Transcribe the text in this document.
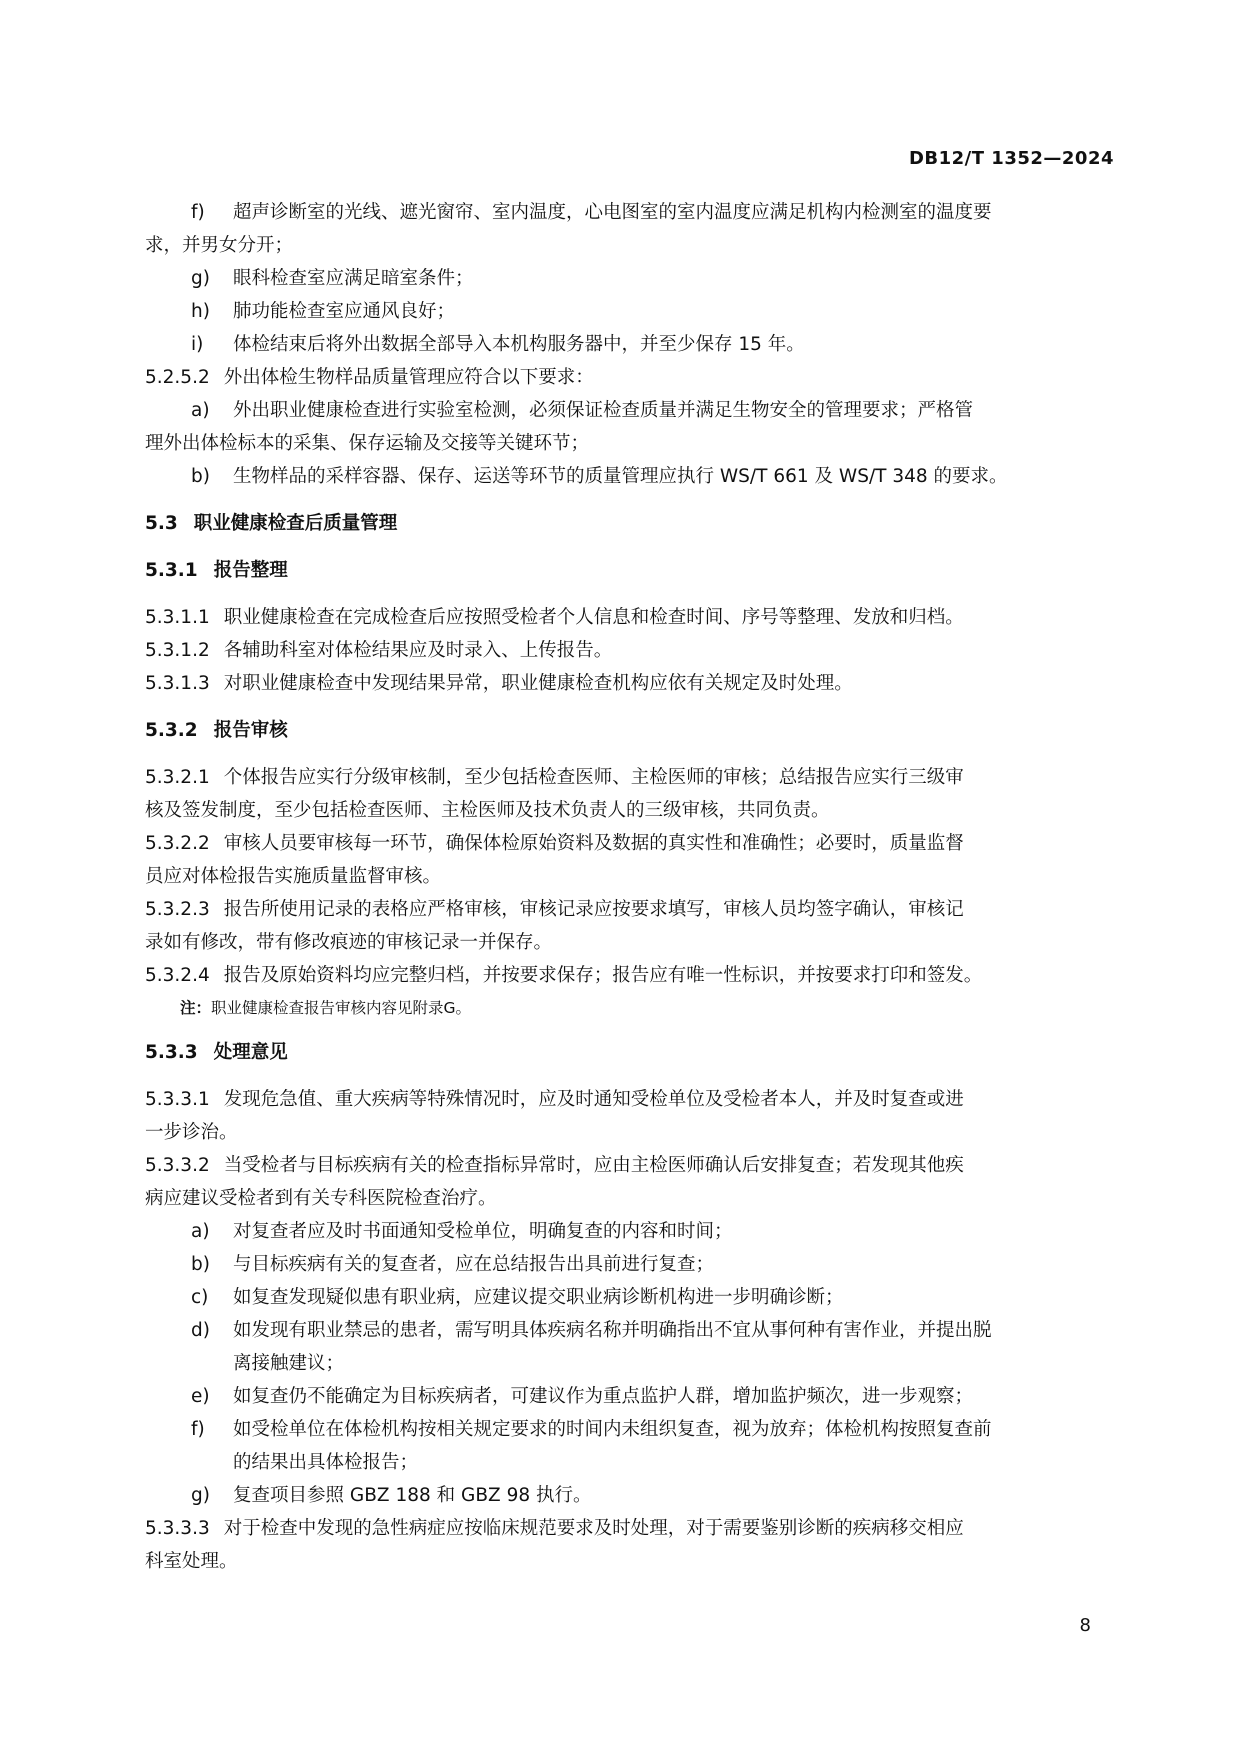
DB12/T 1352—2024
f) 超声诊断室的光线、遮光窗帘、室内温度，心电图室的室内温度应满足机构内检测室的温度要
求，并男女分开；
g) 眼科检查室应满足暗室条件；
h) 肺功能检查室应通风良好；
i) 体检结束后将外出数据全部导入本机构服务器中，并至少保存 15 年。
5.2.5.2 外出体检生物样品质量管理应符合以下要求：
a) 外出职业健康检查进行实验室检测，必须保证检查质量并满足生物安全的管理要求；严格管
理外出体检标本的采集、保存运输及交接等关键环节；
b) 生物样品的采样容器、保存、运送等环节的质量管理应执行 WS/T 661 及 WS/T 348 的要求。
5.3 职业健康检查后质量管理
5.3.1 报告整理
5.3.1.1 职业健康检查在完成检查后应按照受检者个人信息和检查时间、序号等整理、发放和归档。
5.3.1.2 各辅助科室对体检结果应及时录入、上传报告。
5.3.1.3 对职业健康检查中发现结果异常，职业健康检查机构应依有关规定及时处理。
5.3.2 报告审核
5.3.2.1 个体报告应实行分级审核制，至少包括检查医师、主检医师的审核；总结报告应实行三级审
核及签发制度，至少包括检查医师、主检医师及技术负责人的三级审核，共同负责。
5.3.2.2 审核人员要审核每一环节，确保体检原始资料及数据的真实性和准确性；必要时，质量监督
员应对体检报告实施质量监督审核。
5.3.2.3 报告所使用记录的表格应严格审核，审核记录应按要求填写，审核人员均签字确认，审核记
录如有修改，带有修改痕迹的审核记录一并保存。
5.3.2.4 报告及原始资料均应完整归档，并按要求保存；报告应有唯一性标识，并按要求打印和签发。
注：职业健康检查报告审核内容见附录G。
5.3.3 处理意见
5.3.3.1 发现危急值、重大疾病等特殊情况时，应及时通知受检单位及受检者本人，并及时复查或进
一步诊治。
5.3.3.2 当受检者与目标疾病有关的检查指标异常时，应由主检医师确认后安排复查；若发现其他疾
病应建议受检者到有关专科医院检查治疗。
a) 对复查者应及时书面通知受检单位，明确复查的内容和时间；
b) 与目标疾病有关的复查者，应在总结报告出具前进行复查；
c) 如复查发现疑似患有职业病，应建议提交职业病诊断机构进一步明确诊断；
d) 如发现有职业禁忌的患者，需写明具体疾病名称并明确指出不宜从事何种有害作业，并提出脱
离接触建议；
e) 如复查仍不能确定为目标疾病者，可建议作为重点监护人群，增加监护频次，进一步观察；
f) 如受检单位在体检机构按相关规定要求的时间内未组织复查，视为放弃；体检机构按照复查前
的结果出具体检报告；
g) 复查项目参照 GBZ 188 和 GBZ 98 执行。
5.3.3.3 对于检查中发现的急性病症应按临床规范要求及时处理，对于需要鉴别诊断的疾病移交相应
科室处理。
8
